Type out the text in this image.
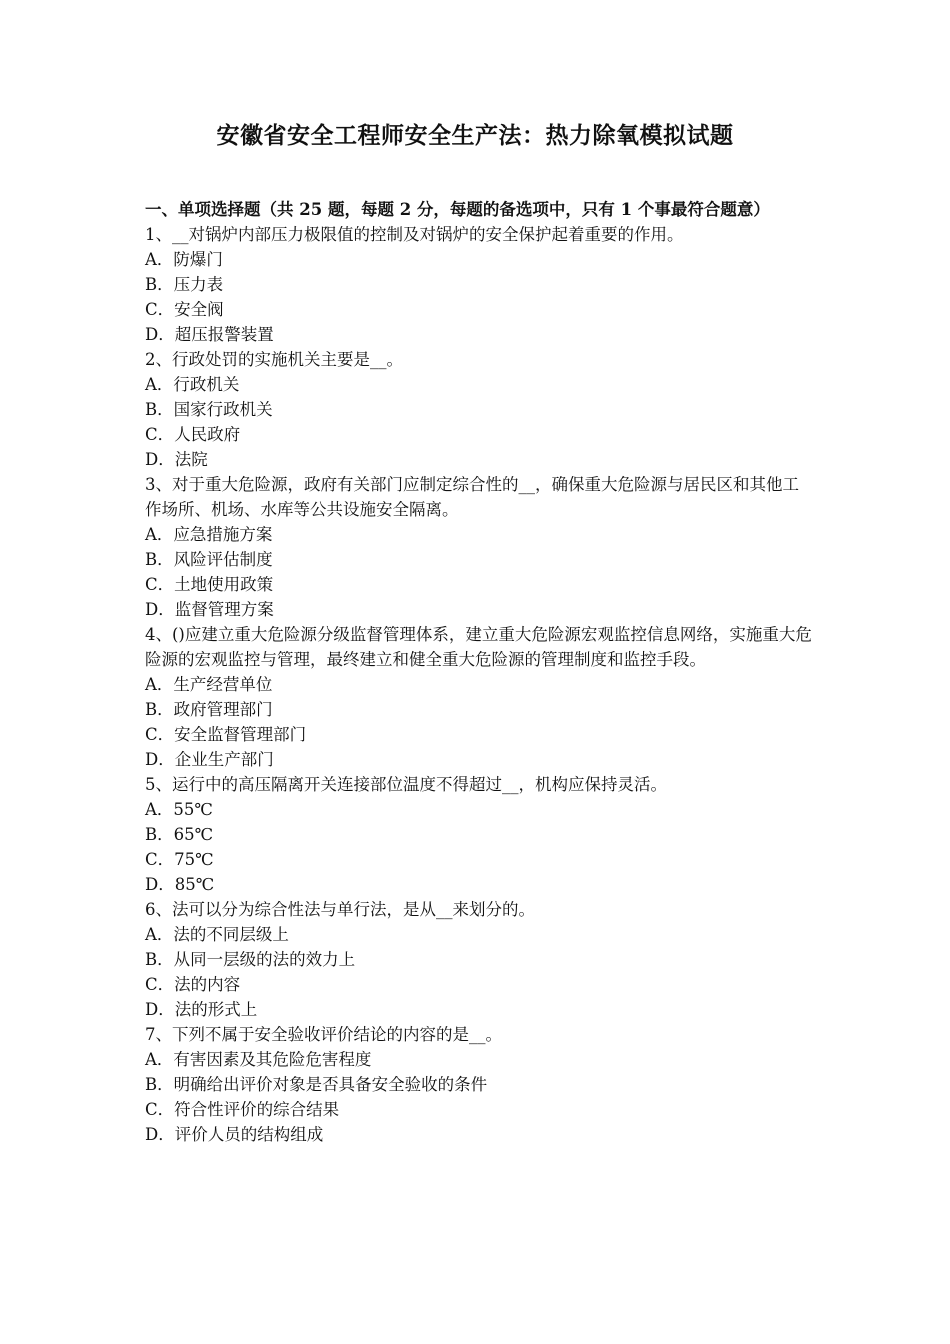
安徽省安全工程师安全生产法：热力除氧模拟试题

一、单项选择题（共 25 题，每题 2 分，每题的备选项中，只有 1 个事最符合题意）

1、__对锅炉内部压力极限值的控制及对锅炉的安全保护起着重要的作用。

A．防爆门

B．压力表

C．安全阀

D．超压报警装置

2、行政处罚的实施机关主要是__。

A．行政机关

B．国家行政机关

C．人民政府

D．法院

3、对于重大危险源，政府有关部门应制定综合性的__，确保重大危险源与居民区和其他工作场所、机场、水库等公共设施安全隔离。

A．应急措施方案

B．风险评估制度

C．土地使用政策

D．监督管理方案

4、()应建立重大危险源分级监督管理体系，建立重大危险源宏观监控信息网络，实施重大危险源的宏观监控与管理，最终建立和健全重大危险源的管理制度和监控手段。

A．生产经营单位

B．政府管理部门

C．安全监督管理部门

D．企业生产部门

5、运行中的高压隔离开关连接部位温度不得超过__，机构应保持灵活。

A．55℃

B．65℃

C．75℃

D．85℃

6、法可以分为综合性法与单行法，是从__来划分的。

A．法的不同层级上

B．从同一层级的法的效力上

C．法的内容

D．法的形式上

7、下列不属于安全验收评价结论的内容的是__。

A．有害因素及其危险危害程度

B．明确给出评价对象是否具备安全验收的条件

C．符合性评价的综合结果

D．评价人员的结构组成
